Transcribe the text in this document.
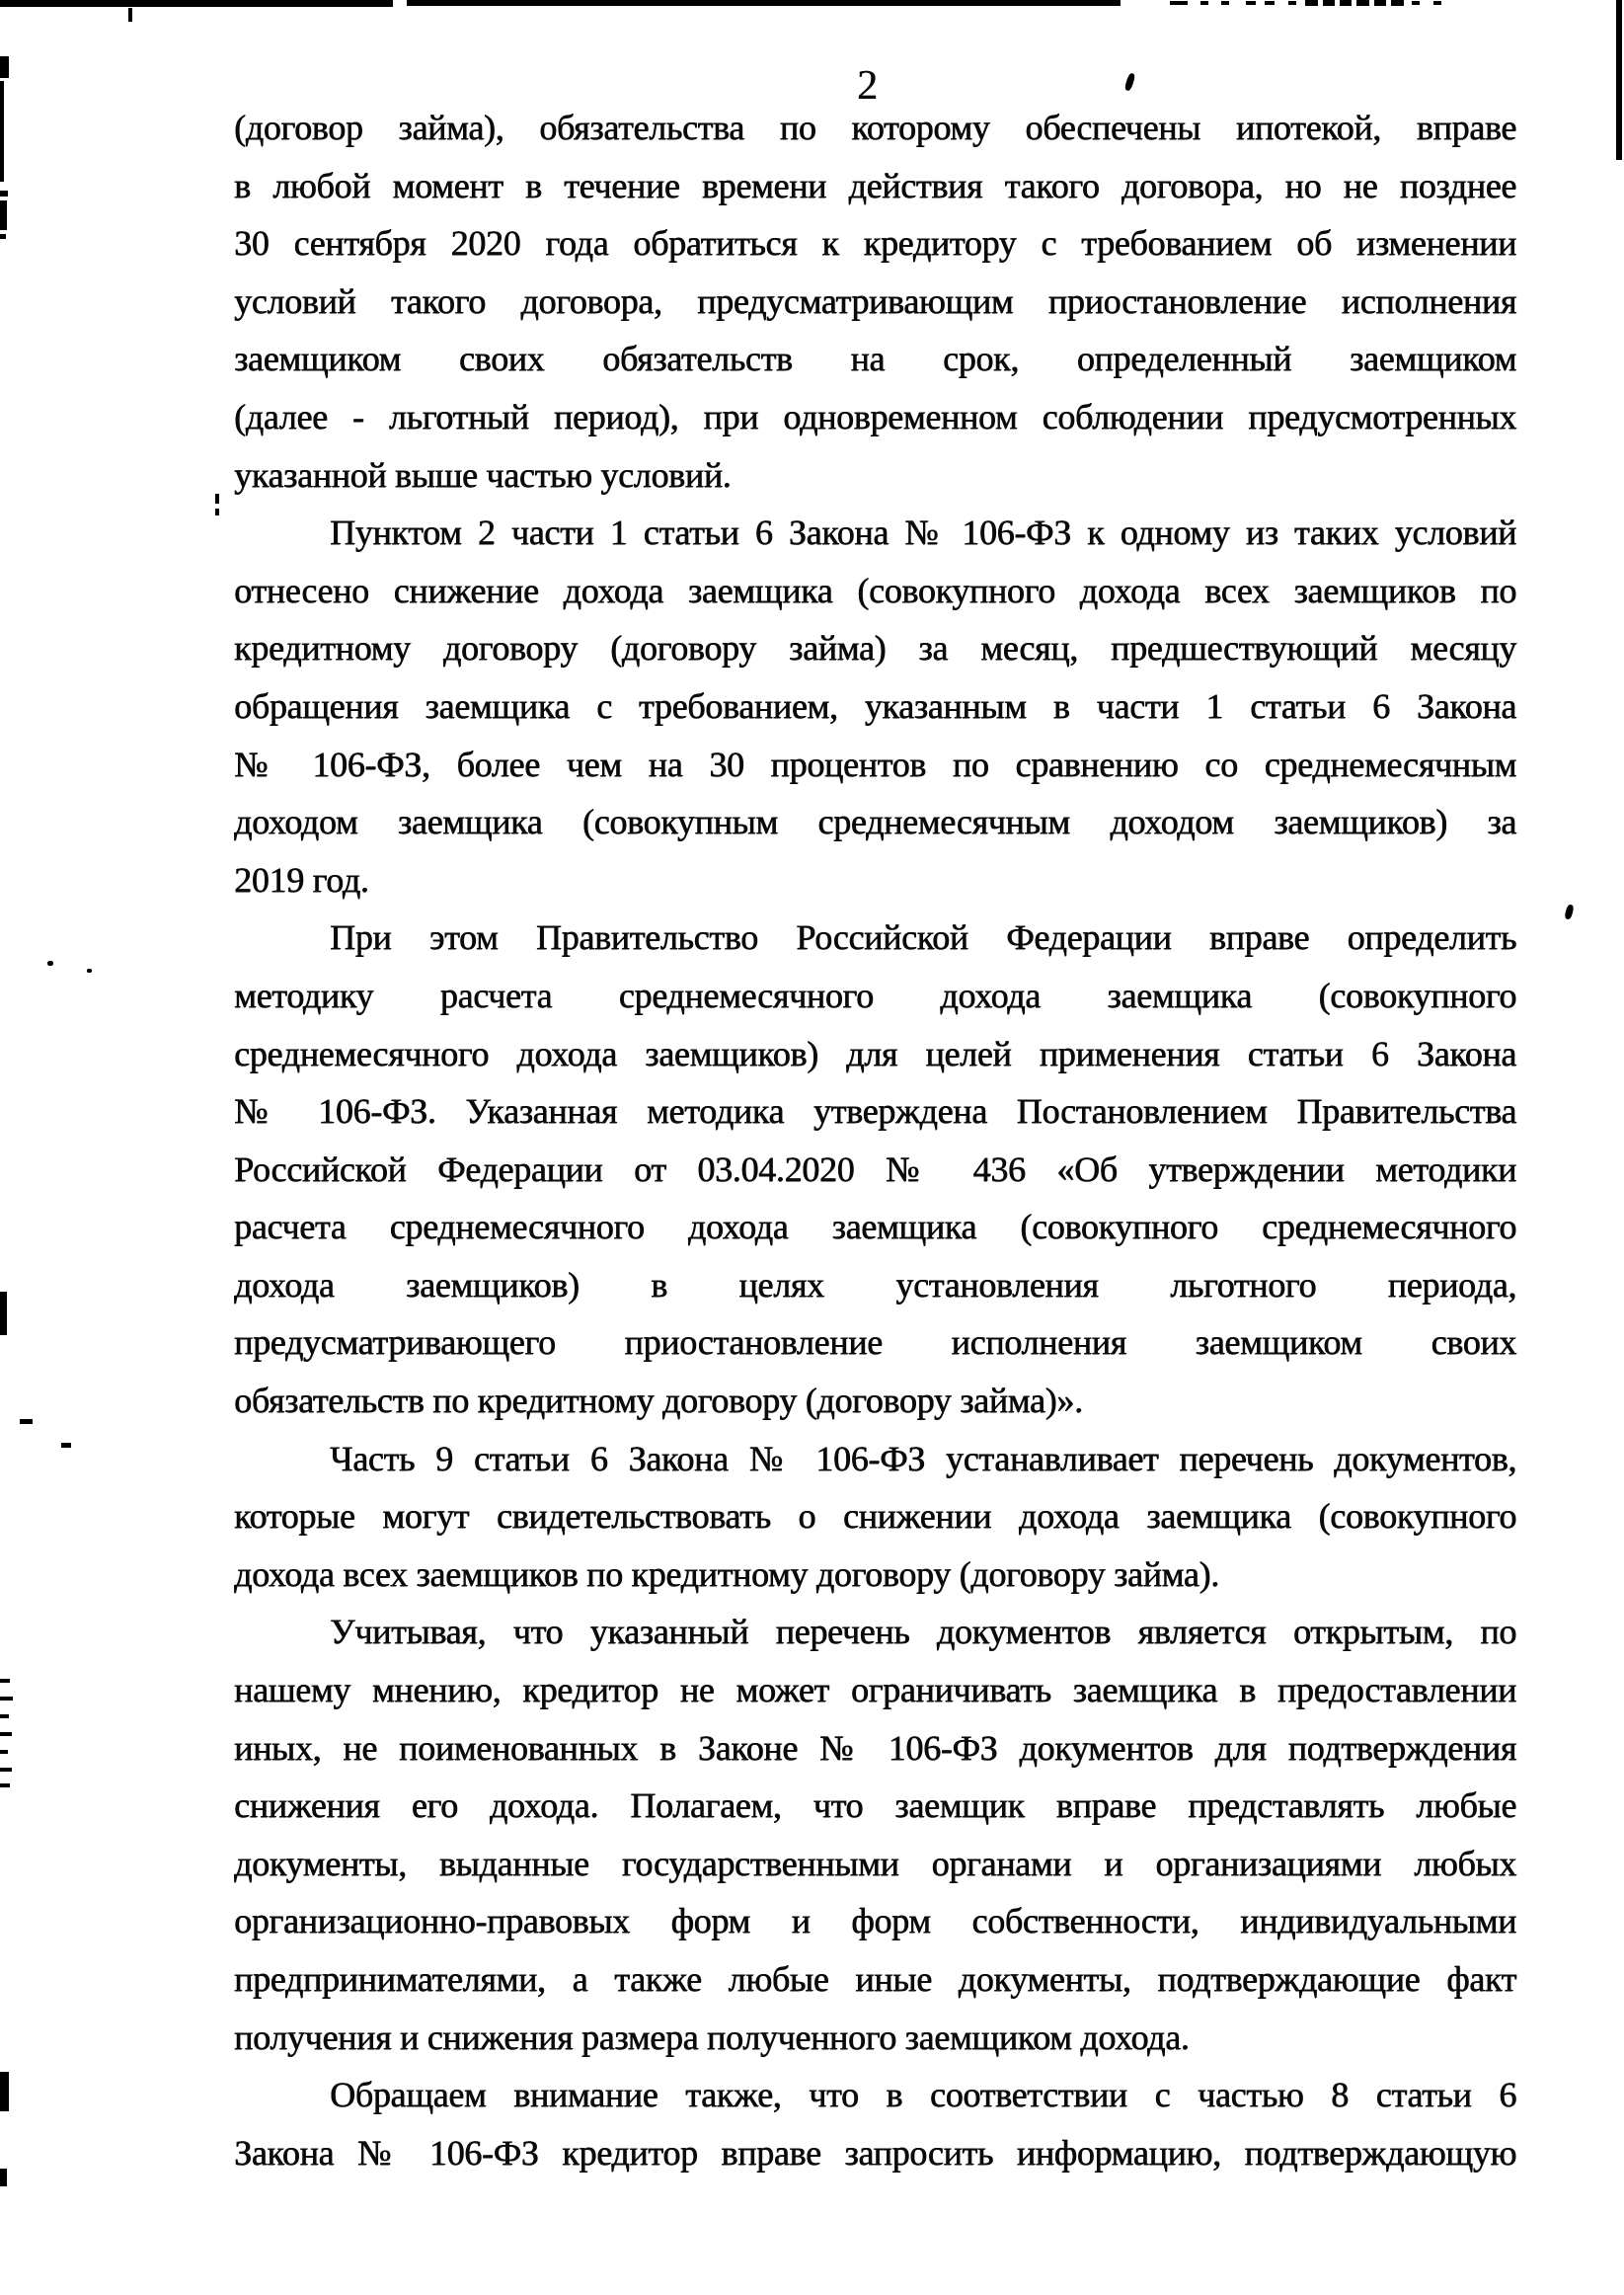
2
(договор займа), обязательства по которому обеспечены ипотекой, вправе
в любой момент в течение времени действия такого договора, но не позднее
30 сентября 2020 года обратиться к кредитору с требованием об изменении
условий такого договора, предусматривающим приостановление исполнения
заемщиком своих обязательств на срок, определенный заемщиком
(далее - льготный период), при одновременном соблюдении предусмотренных
указанной выше частью условий.
Пунктом 2 части 1 статьи 6 Закона № 106-ФЗ к одному из таких условий
отнесено снижение дохода заемщика (совокупного дохода всех заемщиков по
кредитному договору (договору займа) за месяц, предшествующий месяцу
обращения заемщика с требованием, указанным в части 1 статьи 6 Закона
№ 106-ФЗ, более чем на 30 процентов по сравнению со среднемесячным
доходом заемщика (совокупным среднемесячным доходом заемщиков) за
2019 год.
При этом Правительство Российской Федерации вправе определить
методику расчета среднемесячного дохода заемщика (совокупного
среднемесячного дохода заемщиков) для целей применения статьи 6 Закона
№ 106-ФЗ. Указанная методика утверждена Постановлением Правительства
Российской Федерации от 03.04.2020 № 436 «Об утверждении методики
расчета среднемесячного дохода заемщика (совокупного среднемесячного
дохода заемщиков) в целях установления льготного периода,
предусматривающего приостановление исполнения заемщиком своих
обязательств по кредитному договору (договору займа)».
Часть 9 статьи 6 Закона № 106-ФЗ устанавливает перечень документов,
которые могут свидетельствовать о снижении дохода заемщика (совокупного
дохода всех заемщиков по кредитному договору (договору займа).
Учитывая, что указанный перечень документов является открытым, по
нашему мнению, кредитор не может ограничивать заемщика в предоставлении
иных, не поименованных в Законе № 106-ФЗ документов для подтверждения
снижения его дохода. Полагаем, что заемщик вправе представлять любые
документы, выданные государственными органами и организациями любых
организационно-правовых форм и форм собственности, индивидуальными
предпринимателями, а также любые иные документы, подтверждающие факт
получения и снижения размера полученного заемщиком дохода.
Обращаем внимание также, что в соответствии с частью 8 статьи 6
Закона № 106-ФЗ кредитор вправе запросить информацию, подтверждающую
